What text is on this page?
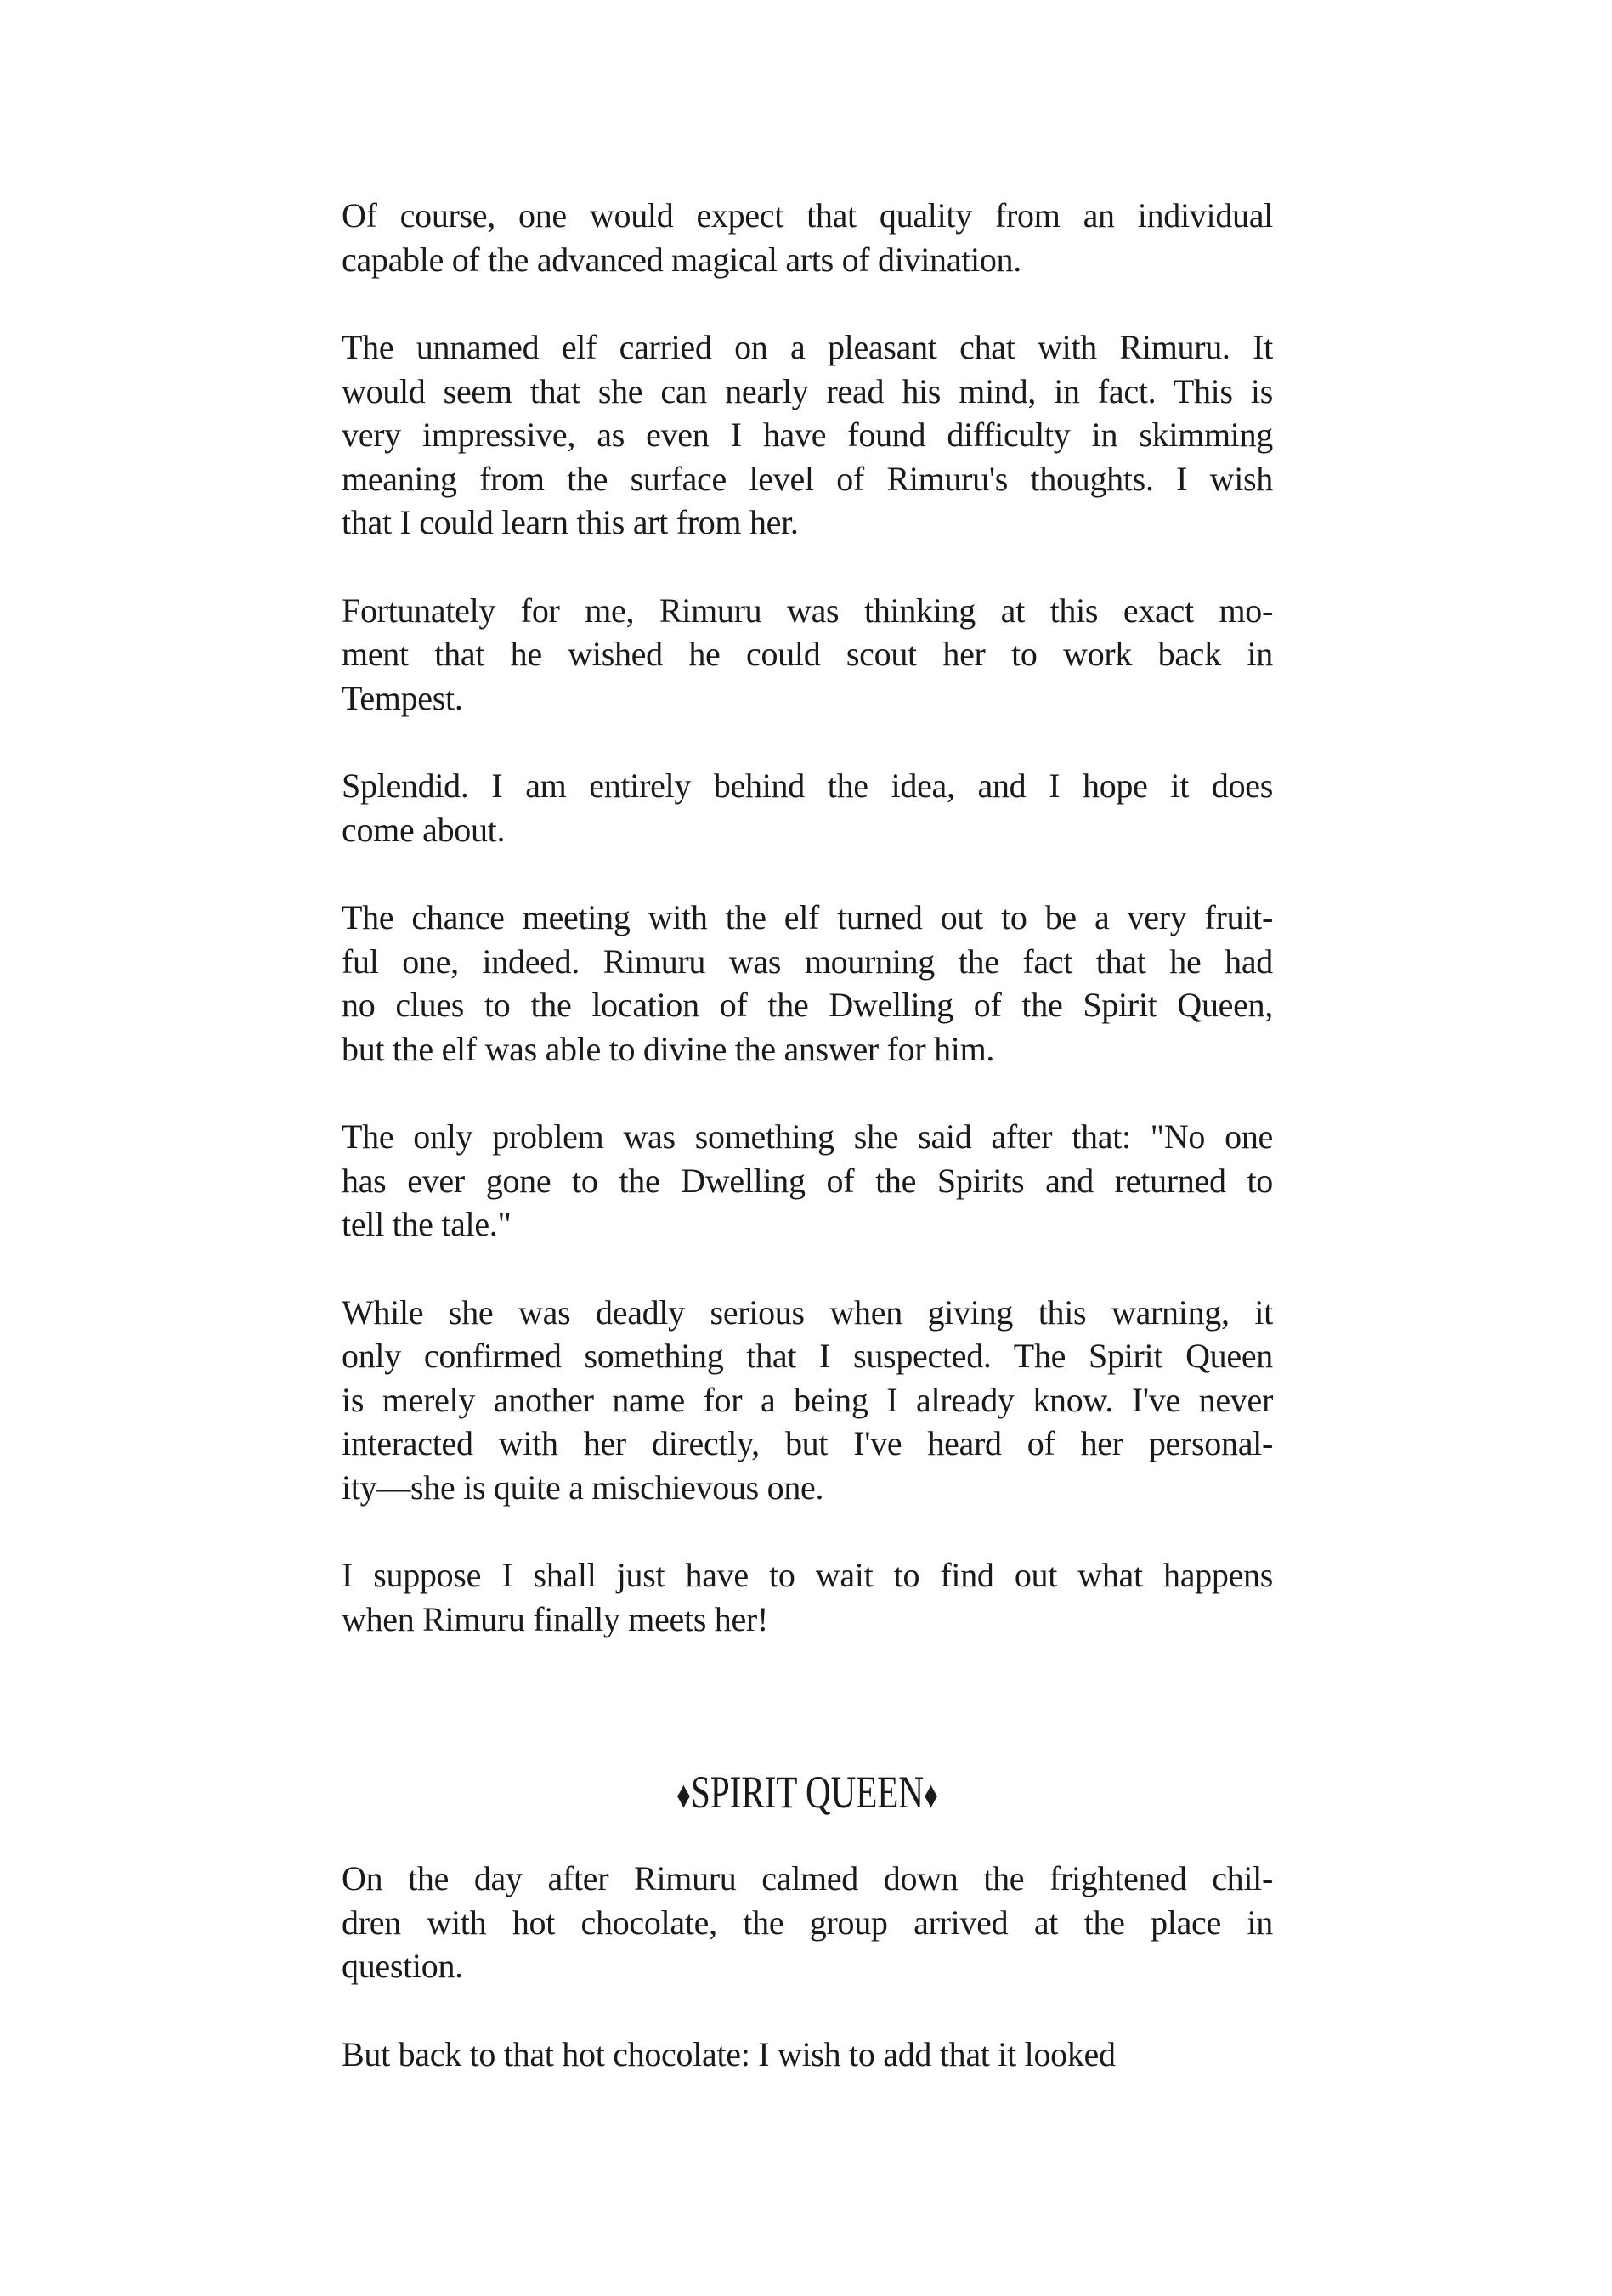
Of course, one would expect that quality from an individual
capable of the advanced magical arts of divination.
The unnamed elf carried on a pleasant chat with Rimuru. It
would seem that she can nearly read his mind, in fact. This is
very impressive, as even I have found difficulty in skimming
meaning from the surface level of Rimuru's thoughts. I wish
that I could learn this art from her.
Fortunately for me, Rimuru was thinking at this exact mo-
ment that he wished he could scout her to work back in
Tempest.
Splendid. I am entirely behind the idea, and I hope it does
come about.
The chance meeting with the elf turned out to be a very fruit-
ful one, indeed. Rimuru was mourning the fact that he had
no clues to the location of the Dwelling of the Spirit Queen,
but the elf was able to divine the answer for him.
The only problem was something she said after that: "No one
has ever gone to the Dwelling of the Spirits and returned to
tell the tale."
While she was deadly serious when giving this warning, it
only confirmed something that I suspected. The Spirit Queen
is merely another name for a being I already know. I've never
interacted with her directly, but I've heard of her personal-
ity—she is quite a mischievous one.
I suppose I shall just have to wait to find out what happens
when Rimuru finally meets her!
♦SPIRIT QUEEN♦
On the day after Rimuru calmed down the frightened chil-
dren with hot chocolate, the group arrived at the place in
question.
But back to that hot chocolate: I wish to add that it looked
